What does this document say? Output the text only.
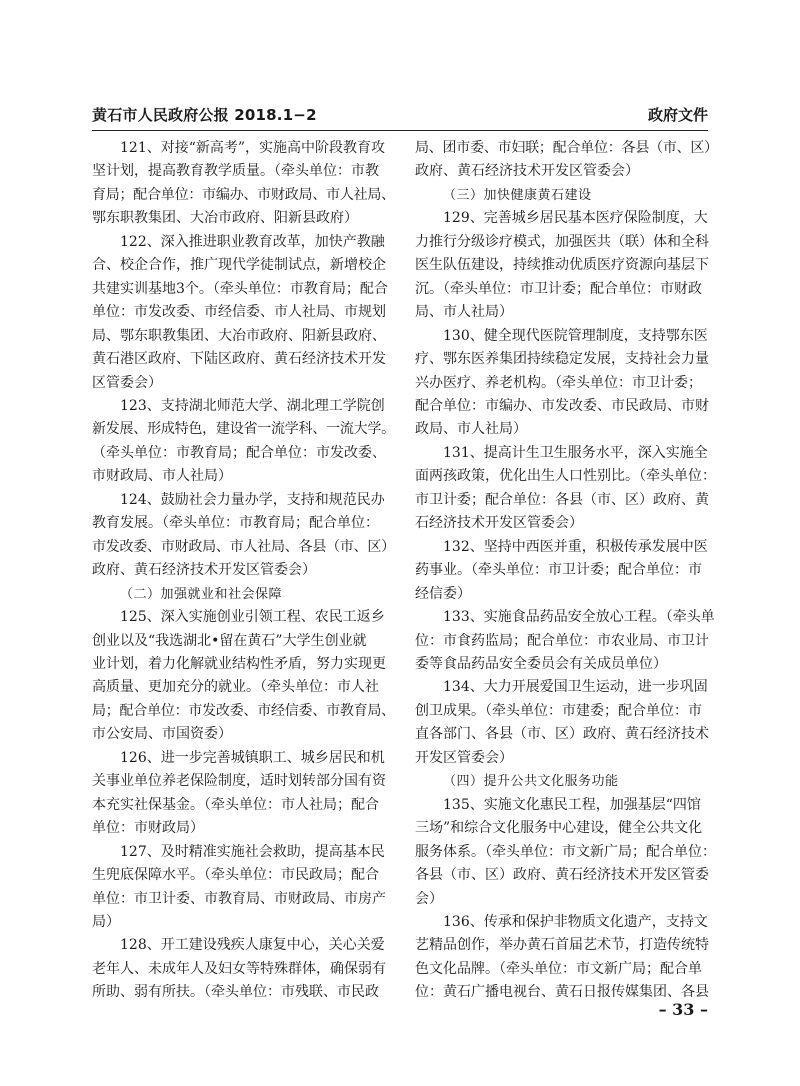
黄石市人民政府公报 2018.1−2	政府文件
121、对接“新高考”，实施高中阶段教育攻
坚计划，提高教育教学质量。（牵头单位：市教
育局；配合单位：市编办、市财政局、市人社局、
鄂东职教集团、大冶市政府、阳新县政府）
122、深入推进职业教育改革，加快产教融
合、校企合作，推广现代学徒制试点，新增校企
共建实训基地3个。（牵头单位：市教育局；配合
单位：市发改委、市经信委、市人社局、市规划
局、鄂东职教集团、大冶市政府、阳新县政府、
黄石港区政府、下陆区政府、黄石经济技术开发
区管委会）
123、支持湖北师范大学、湖北理工学院创
新发展、形成特色，建设省一流学科、一流大学。
（牵头单位：市教育局；配合单位：市发改委、
市财政局、市人社局）
124、鼓励社会力量办学，支持和规范民办
教育发展。（牵头单位：市教育局；配合单位：
市发改委、市财政局、市人社局、各县（市、区）
政府、黄石经济技术开发区管委会）
（二）加强就业和社会保障
125、深入实施创业引领工程、农民工返乡
创业以及“我选湖北•留在黄石”大学生创业就
业计划，着力化解就业结构性矛盾，努力实现更
高质量、更加充分的就业。（牵头单位：市人社
局；配合单位：市发改委、市经信委、市教育局、
市公安局、市国资委）
126、进一步完善城镇职工、城乡居民和机
关事业单位养老保险制度，适时划转部分国有资
本充实社保基金。（牵头单位：市人社局；配合
单位：市财政局）
127、及时精准实施社会救助，提高基本民
生兜底保障水平。（牵头单位：市民政局；配合
单位：市卫计委、市教育局、市财政局、市房产
局）
128、开工建设残疾人康复中心，关心关爱
老年人、未成年人及妇女等特殊群体，确保弱有
所助、弱有所扶。（牵头单位：市残联、市民政
局、团市委、市妇联；配合单位：各县（市、区）
政府、黄石经济技术开发区管委会）
（三）加快健康黄石建设
129、完善城乡居民基本医疗保险制度，大
力推行分级诊疗模式，加强医共（联）体和全科
医生队伍建设，持续推动优质医疗资源向基层下
沉。（牵头单位：市卫计委；配合单位：市财政
局、市人社局）
130、健全现代医院管理制度，支持鄂东医
疗、鄂东医养集团持续稳定发展，支持社会力量
兴办医疗、养老机构。（牵头单位：市卫计委；
配合单位：市编办、市发改委、市民政局、市财
政局、市人社局）
131、提高计生卫生服务水平，深入实施全
面两孩政策，优化出生人口性别比。（牵头单位：
市卫计委；配合单位：各县（市、区）政府、黄
石经济技术开发区管委会）
132、坚持中西医并重，积极传承发展中医
药事业。（牵头单位：市卫计委；配合单位：市
经信委）
133、实施食品药品安全放心工程。（牵头单
位：市食药监局；配合单位：市农业局、市卫计
委等食品药品安全委员会有关成员单位）
134、大力开展爱国卫生运动，进一步巩固
创卫成果。（牵头单位：市建委；配合单位：市
直各部门、各县（市、区）政府、黄石经济技术
开发区管委会）
（四）提升公共文化服务功能
135、实施文化惠民工程，加强基层“四馆
三场”和综合文化服务中心建设，健全公共文化
服务体系。（牵头单位：市文新广局；配合单位：
各县（市、区）政府、黄石经济技术开发区管委
会）
136、传承和保护非物质文化遗产，支持文
艺精品创作，举办黄石首届艺术节，打造传统特
色文化品牌。（牵头单位：市文新广局；配合单
位：黄石广播电视台、黄石日报传媒集团、各县
– 33 –
